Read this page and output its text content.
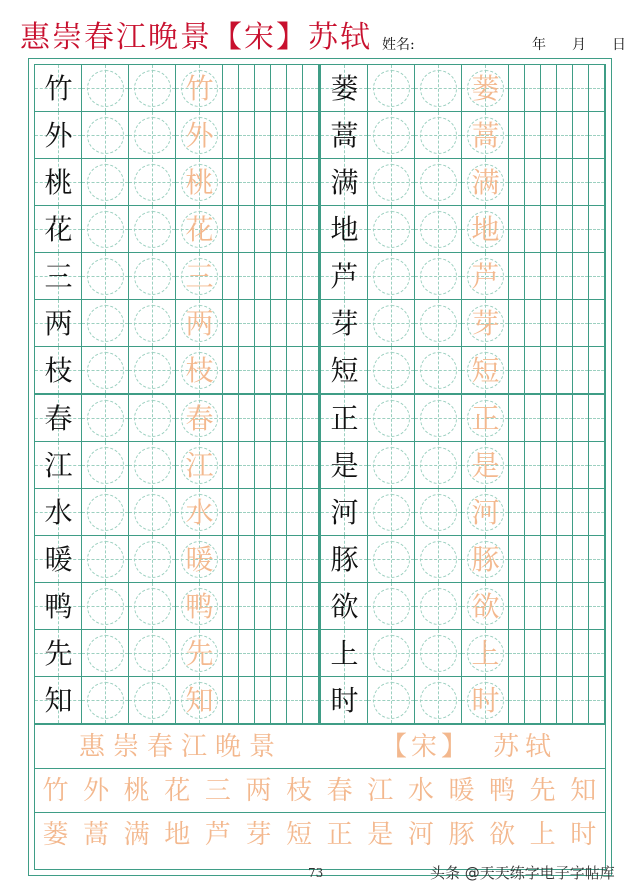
惠崇春江晚景【宋】苏轼 姓名:	年 月 日
竹	竹
外	外
桃	桃
花	花
三	三
两	两
枝	枝
蒌	蒌
蒿	蒿
满	满
地	地
芦	芦
芽	芽
短	短
春	春
江	江
水	水
暖	暖
鸭	鸭
先	先
知	知
正	正
是	是
河	河
豚	豚
欲	欲
上	上
时	时
惠崇春江晚景	【宋】 苏轼
竹 外 桃 花 三 两 枝 春 江 水 暖 鸭 先 知
蒌 蒿 满 地 芦 芽 短 正 是 河 豚 欲 上 时
73	头条 @天天练字电子字帖库
